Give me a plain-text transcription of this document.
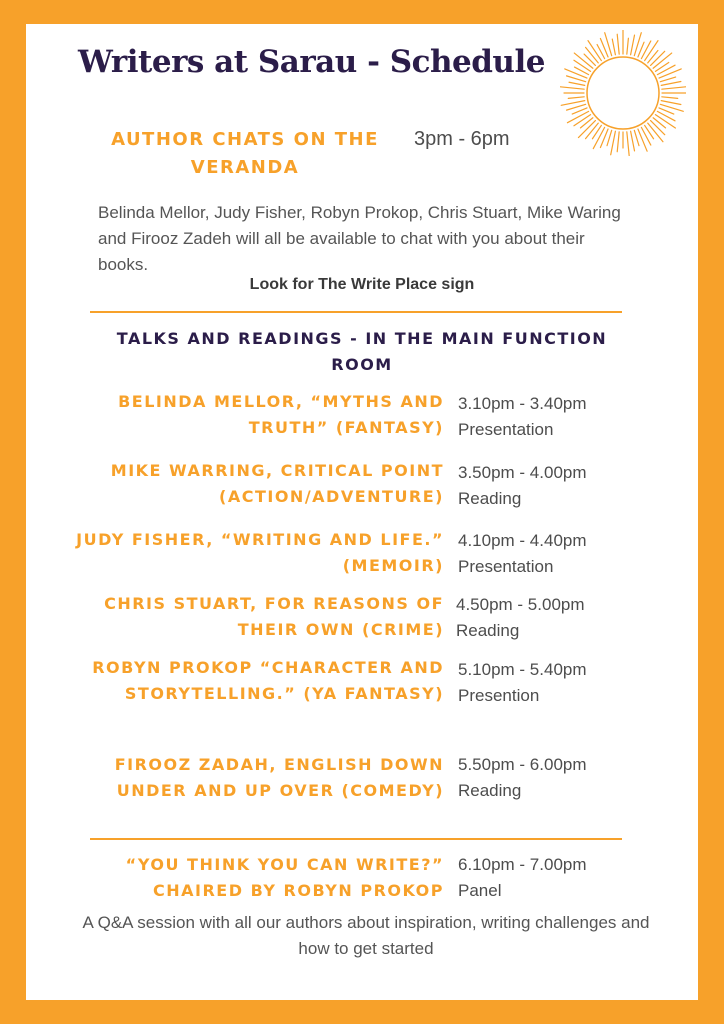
Writers at Sarau - Schedule
AUTHOR CHATS ON THE VERANDA
3pm - 6pm
Belinda Mellor, Judy Fisher, Robyn Prokop, Chris Stuart, Mike Waring and Firooz Zadeh will all be available to chat with you about their books.
Look for The Write Place sign
TALKS AND READINGS - IN THE MAIN FUNCTION ROOM
BELINDA MELLOR, “MYTHS AND TRUTH” (FANTASY)
3.10pm - 3.40pm
Presentation
MIKE WARRING, CRITICAL POINT (ACTION/ADVENTURE)
3.50pm - 4.00pm
Reading
JUDY FISHER, “WRITING AND LIFE.” (MEMOIR)
4.10pm - 4.40pm
Presentation
CHRIS STUART, FOR REASONS OF THEIR OWN (CRIME)
4.50pm - 5.00pm
Reading
ROBYN PROKOP “CHARACTER AND STORYTELLING.” (YA FANTASY)
5.10pm - 5.40pm
Presention
FIROOZ ZADAH, ENGLISH DOWN UNDER AND UP OVER (COMEDY)
5.50pm - 6.00pm
Reading
“YOU THINK YOU CAN WRITE?” CHAIRED BY ROBYN PROKOP
6.10pm - 7.00pm
Panel
A Q&A session with all our authors about inspiration, writing challenges and how to get started
